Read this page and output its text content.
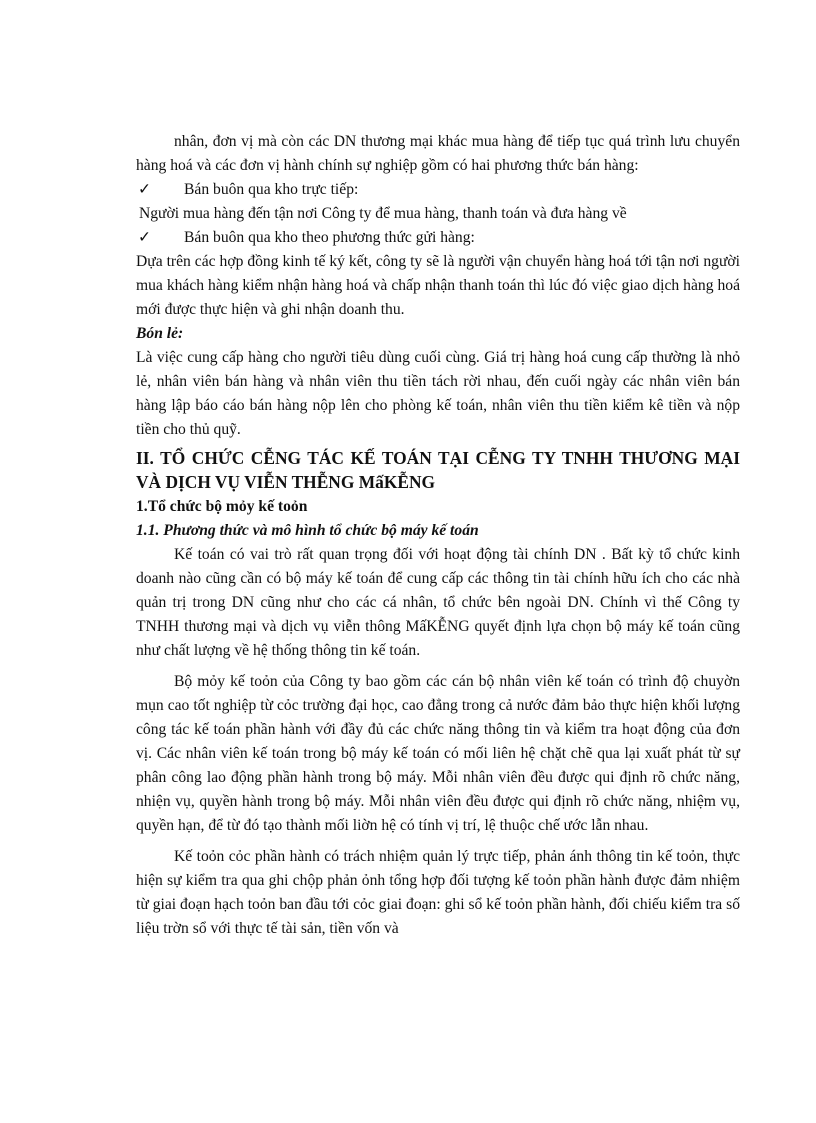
nhân, đơn vị mà còn các DN thương mại khác mua hàng để tiếp tục quá trình lưu chuyển hàng hoá và các đơn vị hành chính sự nghiệp gồm có hai phương thức bán hàng:

✓	Bán buôn qua kho trực tiếp:

Người mua hàng đến tận nơi Công ty để mua hàng, thanh toán và đưa hàng về

✓	Bán buôn qua kho theo phương thức gửi hàng:

Dựa trên các hợp đồng kinh tế ký kết, công ty sẽ là người vận chuyển hàng hoá tới tận nơi người mua khách hàng kiểm nhận hàng hoá và chấp nhận thanh toán thì lúc đó việc giao dịch hàng hoá mới được thực hiện và ghi nhận doanh thu.

Bón lẻ:

Là việc cung cấp hàng cho người tiêu dùng cuối cùng. Giá trị hàng hoá cung cấp thường là nhỏ lẻ, nhân viên bán hàng và nhân viên thu tiền tách rời nhau, đến cuối ngày các nhân viên bán hàng lập báo cáo bán hàng nộp lên cho phòng kế toán, nhân viên thu tiền kiểm kê tiền và nộp tiền cho thủ quỹ.

II. TỔ CHỨC CỄNG TÁC KẾ TOÁN TẠI CỄNG TY TNHH THƯƠNG MẠI VÀ DỊCH VỤ VIỄN THỄNG MấKỄNG
1.Tổ chức bộ mỏy kế toỏn
1.1. Phương thức và mô hình tổ chức bộ máy kế toán

Kế toán có vai trò rất quan trọng đối với hoạt động tài chính DN . Bất kỳ tổ chức kinh doanh nào cũng cần có bộ máy kế toán để cung cấp các thông tin tài chính hữu ích cho các nhà quản trị trong DN cũng như cho các cá nhân, tổ chức bên ngoài DN. Chính vì thế Công ty TNHH thương mại và dịch vụ viễn thông MấKỄNG quyết định lựa chọn bộ máy kế toán cũng như chất lượng về hệ thống thông tin kế toán.

Bộ mỏy kế toỏn của Công ty bao gồm các cán bộ nhân viên kế toán có trình độ chuyờn mụn cao tốt nghiệp từ cỏc trường đại học, cao đẳng trong cả nước đảm bảo thực hiện khối lượng công tác kế toán phần hành với đầy đủ các chức năng thông tin và kiểm tra hoạt động của đơn vị. Các nhân viên kế toán trong bộ máy kế toán có mối liên hệ chặt chẽ qua lại xuất phát từ sự phân công lao động phần hành trong bộ máy. Mỗi nhân viên đều được qui định rõ chức năng, nhiện vụ, quyền hành trong bộ máy. Mỗi nhân viên đều được qui định rõ chức năng, nhiệm vụ, quyền hạn, để từ đó tạo thành mối liờn hệ có tính vị trí, lệ thuộc chế ước lẫn nhau.

Kế toỏn cỏc phần hành có trách nhiệm quản lý trực tiếp, phản ánh thông tin kế toỏn, thực hiện sự kiểm tra qua ghi chộp phản ỏnh tổng hợp đối tượng kế toỏn phần hành được đảm nhiệm từ giai đoạn hạch toỏn ban đầu tới cỏc giai đoạn: ghi sổ kế toỏn phần hành, đối chiếu kiểm tra số liệu trờn sổ với thực tế tài sản, tiền vốn và
